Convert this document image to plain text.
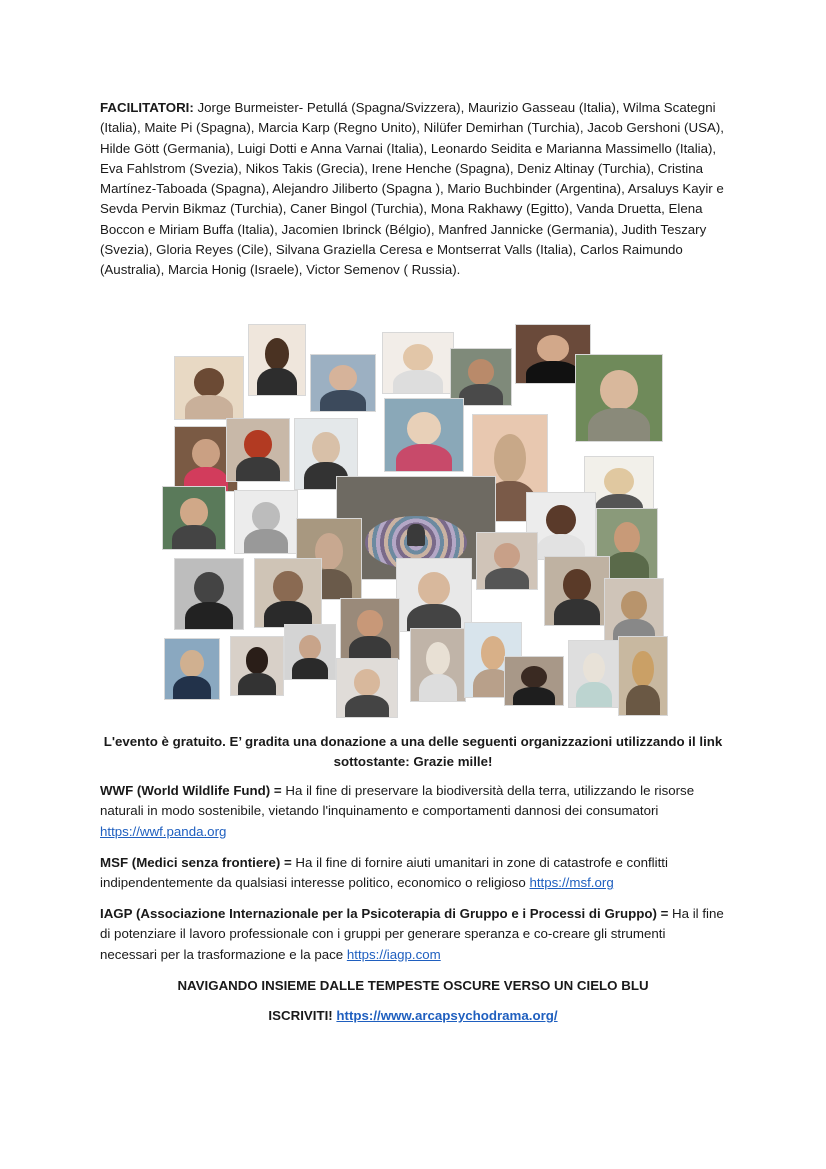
FACILITATORI: Jorge Burmeister- Petullá (Spagna/Svizzera), Maurizio Gasseau (Italia), Wilma Scategni (Italia), Maite Pi (Spagna), Marcia Karp (Regno Unito), Nilüfer Demirhan (Turchia), Jacob Gershoni (USA), Hilde Gött (Germania), Luigi Dotti e Anna Varnai (Italia), Leonardo Seidita e Marianna Massimello (Italia), Eva Fahlstrom (Svezia), Nikos Takis (Grecia), Irene Henche (Spagna), Deniz Altinay (Turchia), Cristina Martínez-Taboada (Spagna), Alejandro Jiliberto (Spagna ), Mario Buchbinder (Argentina), Arsaluys Kayir e Sevda Pervin Bikmaz (Turchia), Caner Bingol (Turchia), Mona Rakhawy (Egitto), Vanda Druetta, Elena Boccon e Miriam Buffa (Italia), Jacomien Ibrinck (Bélgio), Manfred Jannicke (Germania), Judith Teszary (Svezia), Gloria Reyes (Cile), Silvana Graziella Ceresa e Montserrat Valls (Italia), Carlos Raimundo (Australia), Marcia Honig (Israele), Victor Semenov ( Russia).

L'evento è gratuito. E’ gradita una donazione a una delle seguenti organizzazioni utilizzando il link sottostante: Grazie mille!

WWF (World Wildlife Fund) = Ha il fine di preservare la biodiversità della terra, utilizzando le risorse naturali in modo sostenibile, vietando l'inquinamento e comportamenti dannosi dei consumatori https://wwf.panda.org

MSF (Medici senza frontiere) = Ha il fine di fornire aiuti umanitari in zone di catastrofe e conflitti indipendentemente da qualsiasi interesse politico, economico o religioso https://msf.org

IAGP (Associazione Internazionale per la Psicoterapia di Gruppo e i Processi di Gruppo) = Ha il fine di potenziare il lavoro professionale con i gruppi per generare speranza e co-creare gli strumenti necessari per la trasformazione e la pace https://iagp.com

NAVIGANDO INSIEME DALLE TEMPESTE OSCURE VERSO UN CIELO BLU

ISCRIVITI! https://www.arcapsychodrama.org/
